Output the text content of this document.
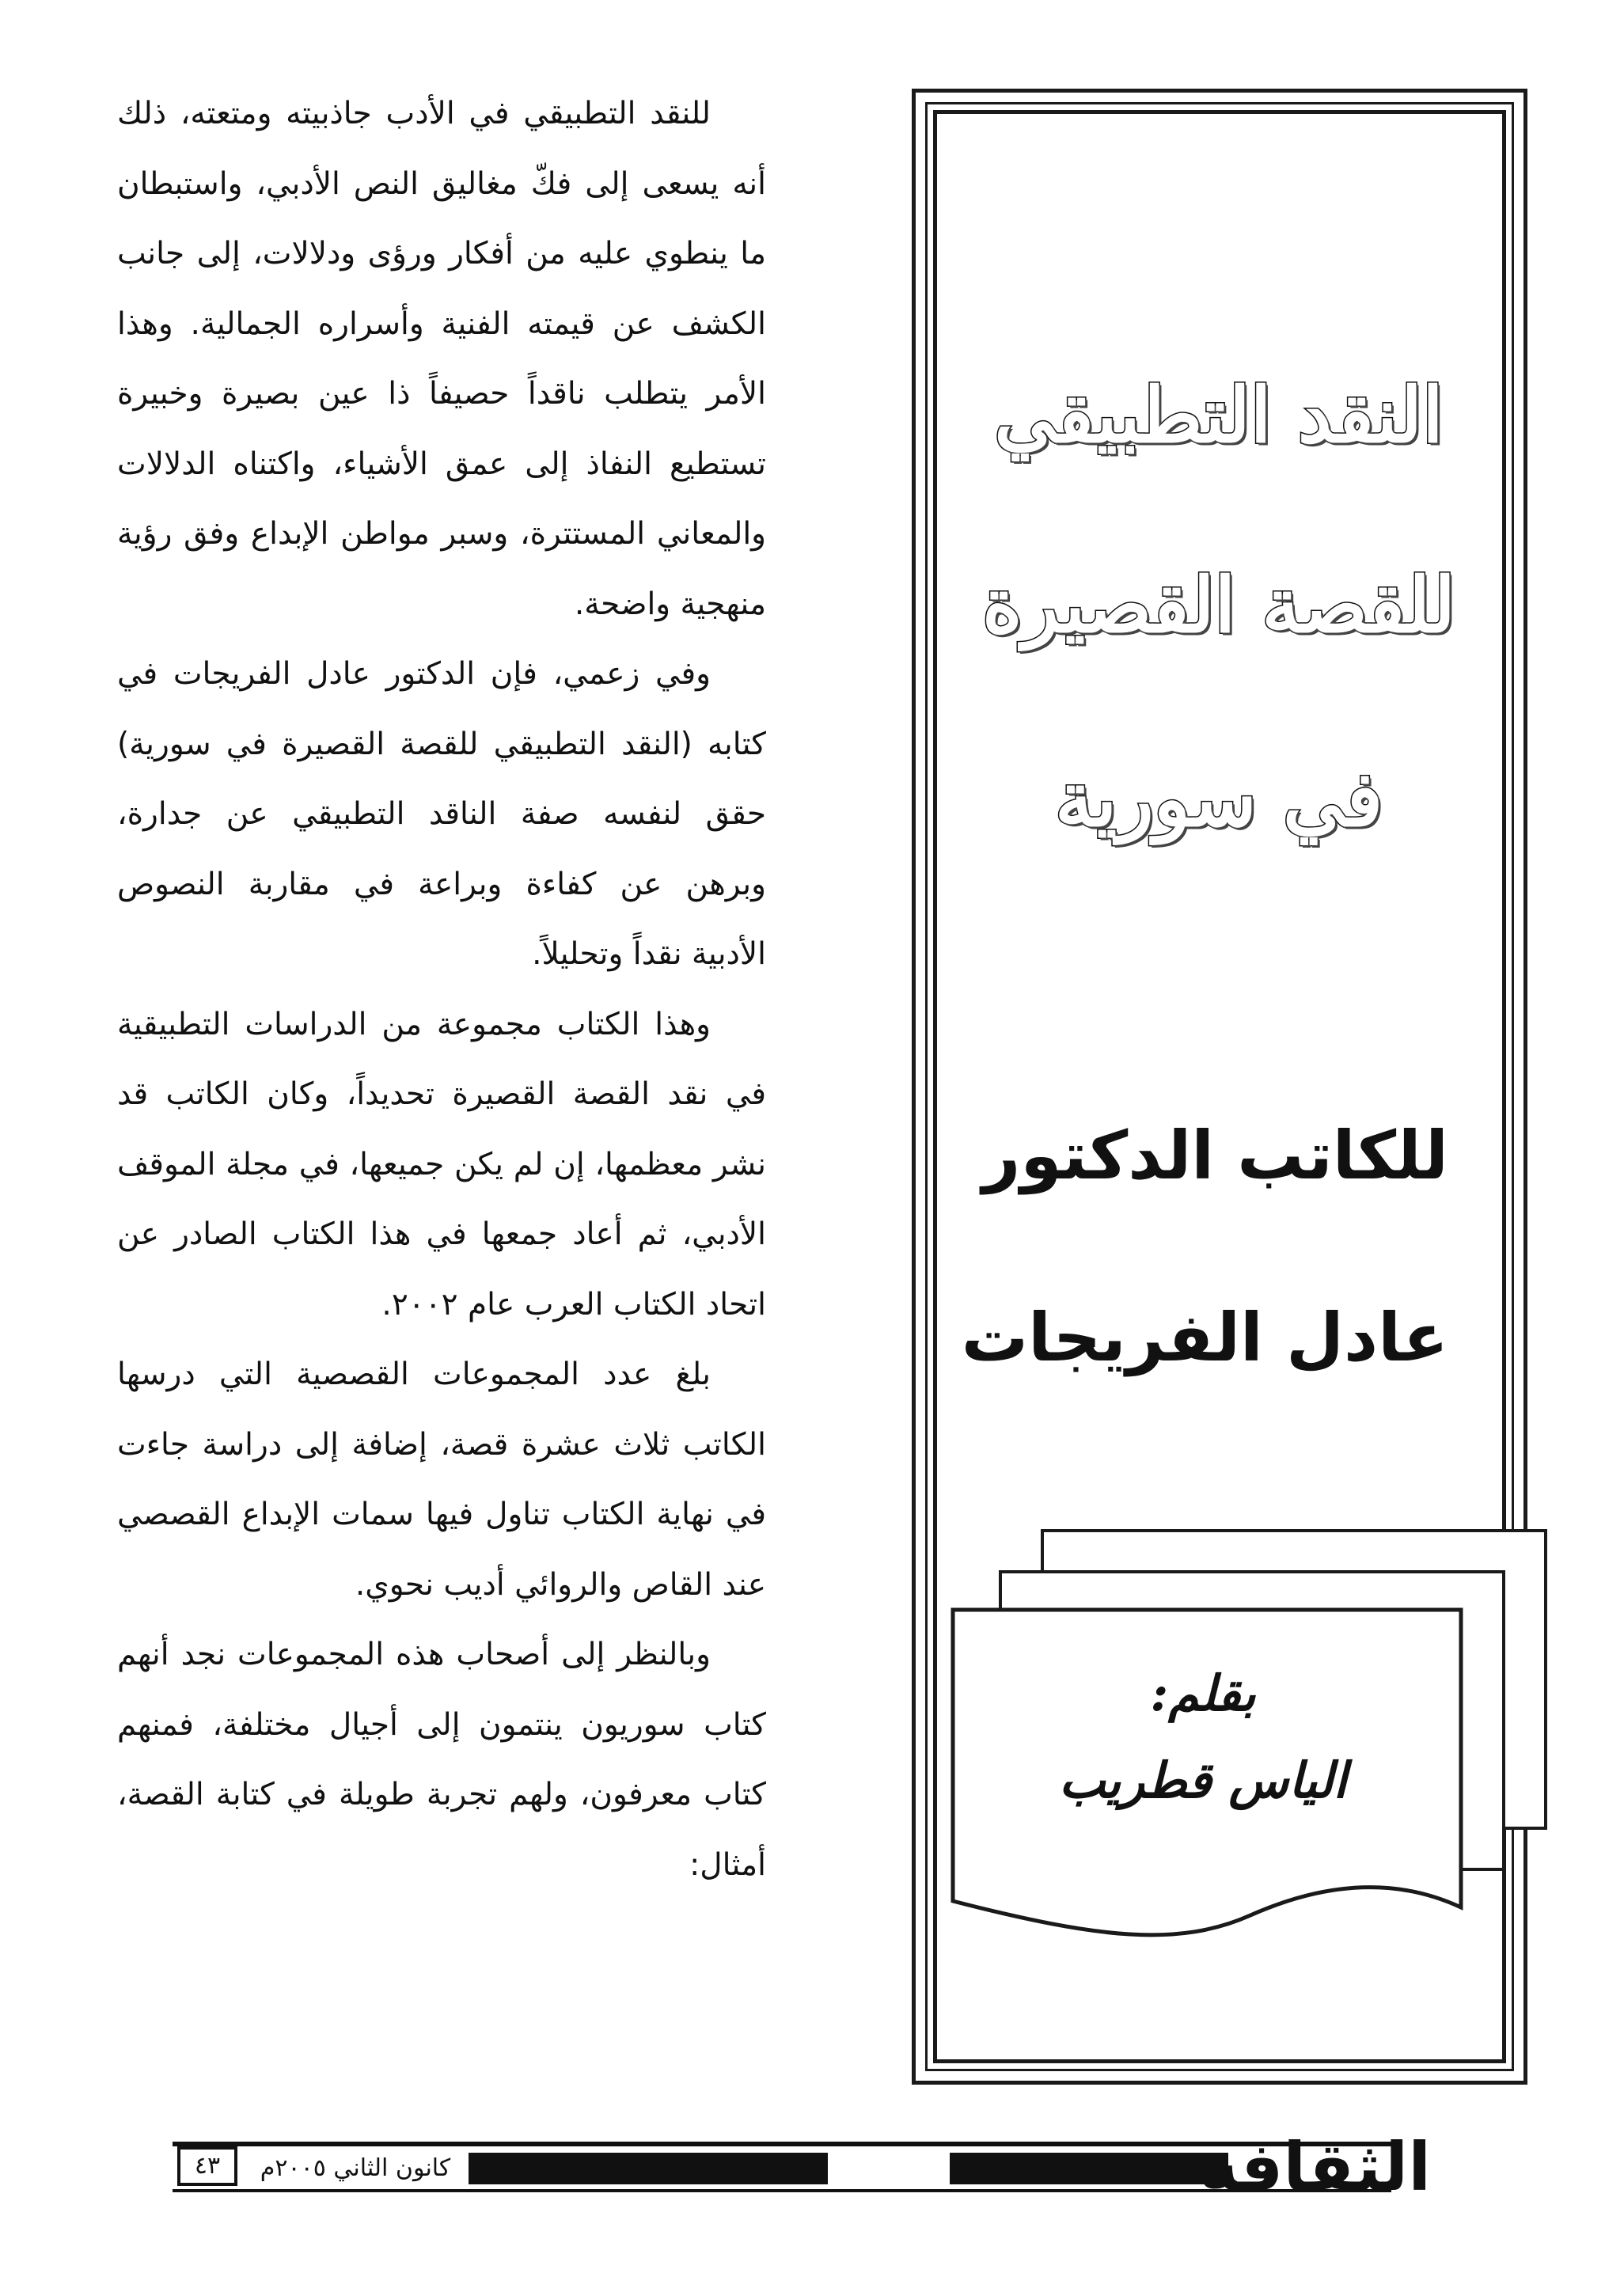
للنقد التطبيقي في الأدب جاذبيته ومتعته، ذلك أنه يسعى إلى فكّ مغاليق النص الأدبي، واستبطان ما ينطوي عليه من أفكار ورؤى ودلالات، إلى جانب الكشف عن قيمته الفنية وأسراره الجمالية. وهذا الأمر يتطلب ناقداً حصيفاً ذا عين بصيرة وخبيرة تستطيع النفاذ إلى عمق الأشياء، واكتناه الدلالات والمعاني المستترة، وسبر مواطن الإبداع وفق رؤية منهجية واضحة.

وفي زعمي، فإن الدكتور عادل الفريجات في كتابه (النقد التطبيقي للقصة القصيرة في سورية) حقق لنفسه صفة الناقد التطبيقي عن جدارة، وبرهن عن كفاءة وبراعة في مقاربة النصوص الأدبية نقداً وتحليلاً.

وهذا الكتاب مجموعة من الدراسات التطبيقية في نقد القصة القصيرة تحديداً، وكان الكاتب قد نشر معظمها، إن لم يكن جميعها، في مجلة الموقف الأدبي، ثم أعاد جمعها في هذا الكتاب الصادر عن اتحاد الكتاب العرب عام ٢٠٠٢.

بلغ عدد المجموعات القصصية التي درسها الكاتب ثلاث عشرة قصة، إضافة إلى دراسة جاءت في نهاية الكتاب تناول فيها سمات الإبداع القصصي عند القاص والروائي أديب نحوي.

وبالنظر إلى أصحاب هذه المجموعات نجد أنهم كتاب سوريون ينتمون إلى أجيال مختلفة، فمنهم كتاب معرفون، ولهم تجربة طويلة في كتابة القصة، أمثال:

النقد التطبيقي
للقصة القصيرة
في سورية
للكاتب الدكتور
عادل الفريجات
بقلم:
الياس قطريب
الثقافة
كانون الثاني ٢٠٠٥م
٤٣
